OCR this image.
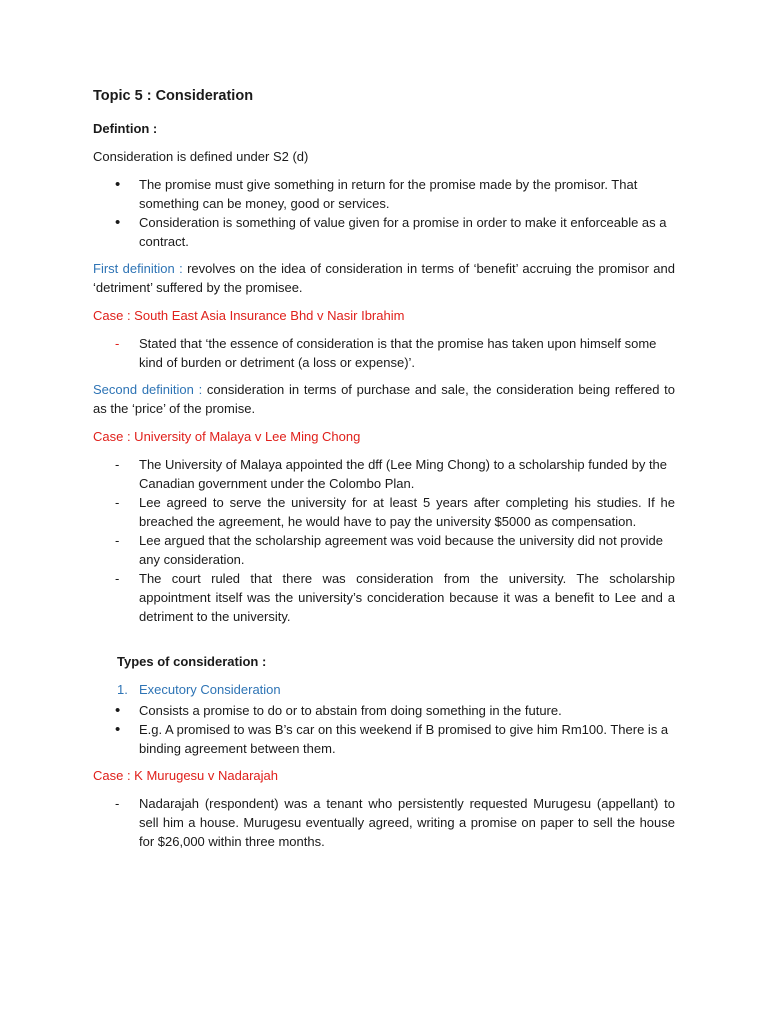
Topic 5 : Consideration

Defintion :

Consideration is defined under S2 (d)

• The promise must give something in return for the promise made by the promisor. That something can be money, good or services.
• Consideration is something of value given for a promise in order to make it enforceable as a contract.

First definition : revolves on the idea of consideration in terms of ‘benefit’ accruing the promisor and ‘detriment’ suffered by the promisee.

Case : South East Asia Insurance Bhd v Nasir Ibrahim

- Stated that ‘the essence of consideration is that the promise has taken upon himself some kind of burden or detriment (a loss or expense)’.

Second definition : consideration in terms of purchase and sale, the consideration being reffered to as the ‘price’ of the promise.

Case : University of Malaya v Lee Ming Chong

- The University of Malaya appointed the dff (Lee Ming Chong) to a scholarship funded by the Canadian government under the Colombo Plan.
- Lee agreed to serve the university for at least 5 years after completing his studies. If he breached the agreement, he would have to pay the university $5000 as compensation.
- Lee argued that the scholarship agreement was void because the university did not provide any consideration.
- The court ruled that there was consideration from the university. The scholarship appointment itself was the university’s concideration because it was a benefit to Lee and a detriment to the university.

Types of consideration :

1. Executory Consideration
• Consists a promise to do or to abstain from doing something in the future.
• E.g. A promised to was B’s car on this weekend if B promised to give him Rm100. There is a binding agreement between them.

Case : K Murugesu v Nadarajah

- Nadarajah (respondent) was a tenant who persistently requested Murugesu (appellant) to sell him a house. Murugesu eventually agreed, writing a promise on paper to sell the house for $26,000 within three months.
